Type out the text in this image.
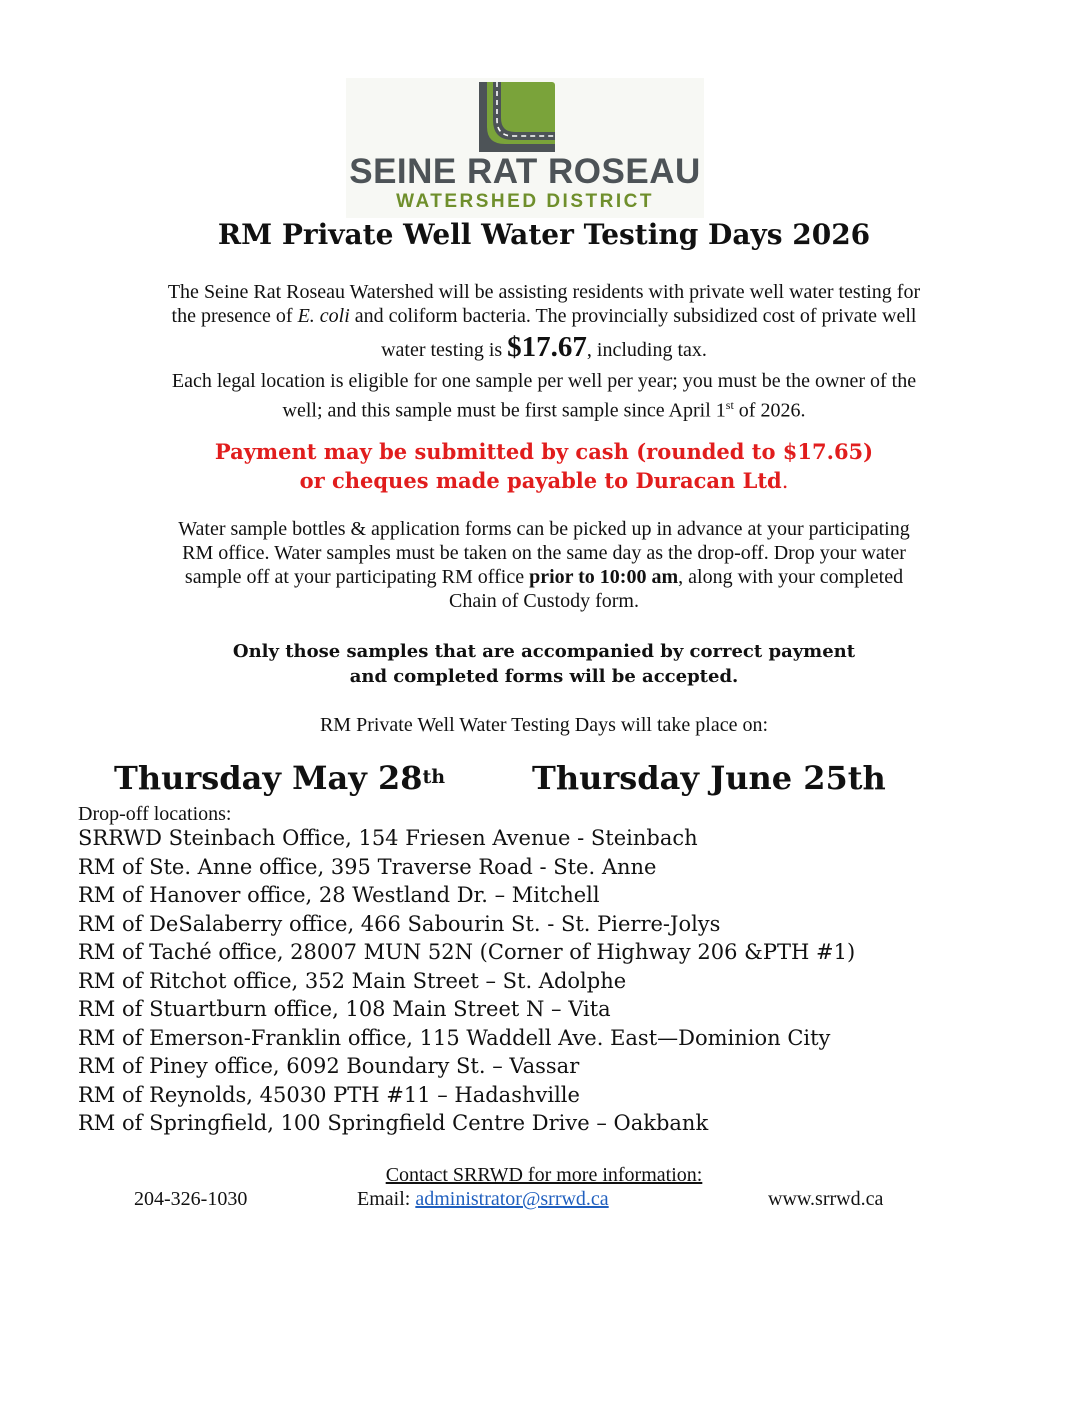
SEINE RAT ROSEAU
WATERSHED DISTRICT
RM Private Well Water Testing Days 2026
The Seine Rat Roseau Watershed will be assisting residents with private well water testing for
the presence of E. coli and coliform bacteria. The provincially subsidized cost of private well
water testing is $17.67, including tax.
Each legal location is eligible for one sample per well per year; you must be the owner of the
well; and this sample must be first sample since April 1st of 2026.
Payment may be submitted by cash (rounded to $17.65)
or cheques made payable to Duracan Ltd.
Water sample bottles & application forms can be picked up in advance at your participating
RM office. Water samples must be taken on the same day as the drop-off. Drop your water
sample off at your participating RM office prior to 10:00 am, along with your completed
Chain of Custody form.
Only those samples that are accompanied by correct payment
and completed forms will be accepted.
RM Private Well Water Testing Days will take place on:
Thursday May 28th	Thursday June 25th
Drop-off locations:
SRRWD Steinbach Office, 154 Friesen Avenue - Steinbach
RM of Ste. Anne office, 395 Traverse Road - Ste. Anne
RM of Hanover office, 28 Westland Dr. – Mitchell
RM of DeSalaberry office, 466 Sabourin St. - St. Pierre-Jolys
RM of Taché office, 28007 MUN 52N (Corner of Highway 206 &PTH #1)
RM of Ritchot office, 352 Main Street – St. Adolphe
RM of Stuartburn office, 108 Main Street N – Vita
RM of Emerson-Franklin office, 115 Waddell Ave. East—Dominion City
RM of Piney office, 6092 Boundary St. – Vassar
RM of Reynolds, 45030 PTH #11 – Hadashville
RM of Springfield, 100 Springfield Centre Drive – Oakbank
Contact SRRWD for more information:
204-326-1030	Email: administrator@srrwd.ca	www.srrwd.ca
